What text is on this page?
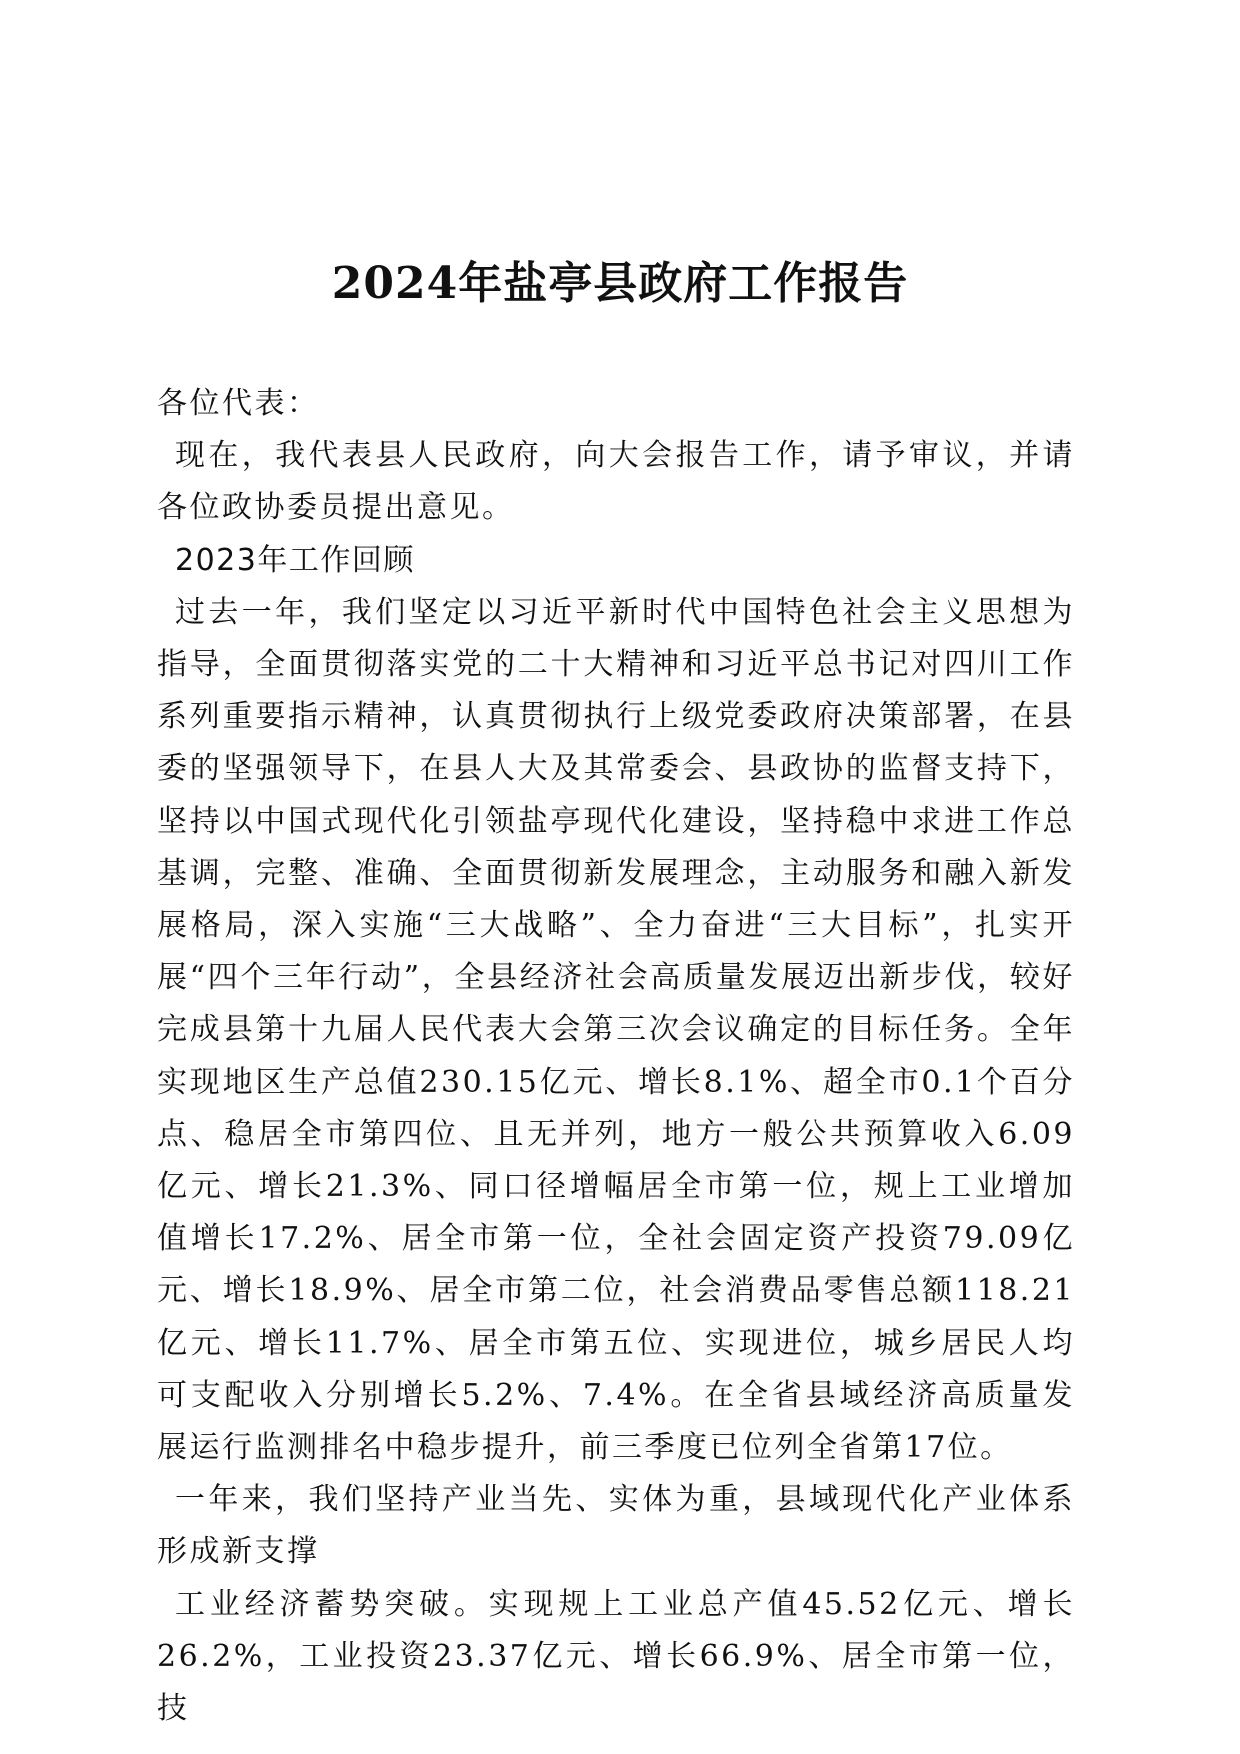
2024年盐亭县政府工作报告

各位代表：

现在，我代表县人民政府，向大会报告工作，请予审议，并请各位政协委员提出意见。

2023年工作回顾

过去一年，我们坚定以习近平新时代中国特色社会主义思想为指导，全面贯彻落实党的二十大精神和习近平总书记对四川工作系列重要指示精神，认真贯彻执行上级党委政府决策部署，在县委的坚强领导下，在县人大及其常委会、县政协的监督支持下，坚持以中国式现代化引领盐亭现代化建设，坚持稳中求进工作总基调，完整、准确、全面贯彻新发展理念，主动服务和融入新发展格局，深入实施“三大战略”、全力奋进“三大目标”，扎实开展“四个三年行动”，全县经济社会高质量发展迈出新步伐，较好完成县第十九届人民代表大会第三次会议确定的目标任务。全年实现地区生产总值230.15亿元、增长8.1%、超全市0.1个百分点、稳居全市第四位、且无并列，地方一般公共预算收入6.09亿元、增长21.3%、同口径增幅居全市第一位，规上工业增加值增长17.2%、居全市第一位，全社会固定资产投资79.09亿元、增长18.9%、居全市第二位，社会消费品零售总额118.21亿元、增长11.7%、居全市第五位、实现进位，城乡居民人均可支配收入分别增长5.2%、7.4%。在全省县域经济高质量发展运行监测排名中稳步提升，前三季度已位列全省第17位。

一年来，我们坚持产业当先、实体为重，县域现代化产业体系形成新支撑

工业经济蓄势突破。实现规上工业总产值45.52亿元、增长26.2%，工业投资23.37亿元、增长66.9%、居全市第一位，技
